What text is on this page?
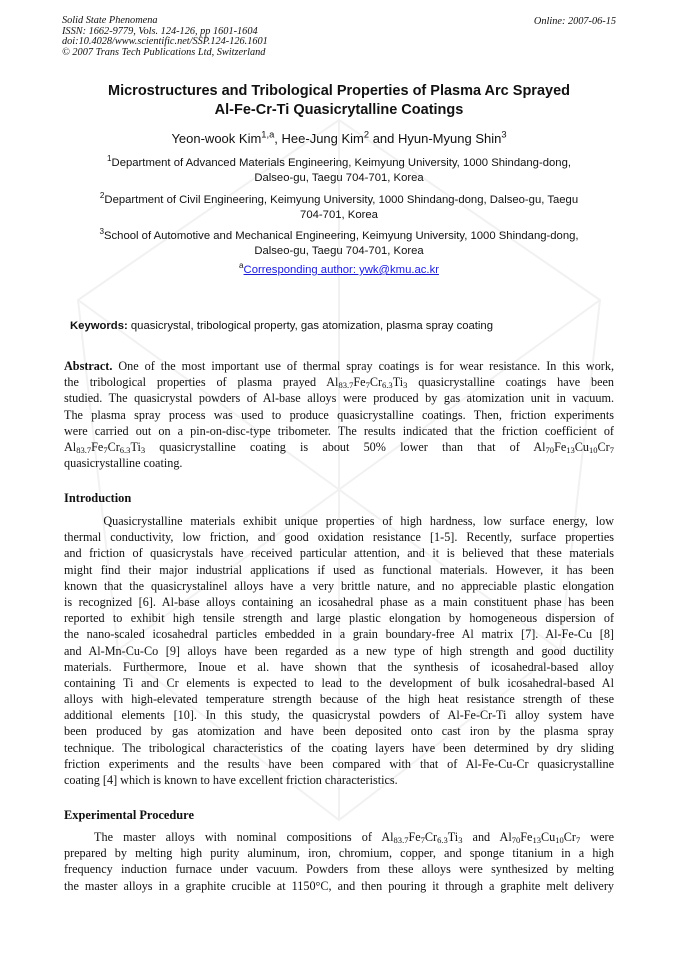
Solid State Phenomena
ISSN: 1662-9779, Vols. 124-126, pp 1601-1604
doi:10.4028/www.scientific.net/SSP.124-126.1601
© 2007 Trans Tech Publications Ltd, Switzerland
Online: 2007-06-15
Microstructures and Tribological Properties of Plasma Arc Sprayed
Al-Fe-Cr-Ti Quasicrytalline Coatings
Yeon-wook Kim$^{1,a}$, Hee-Jung Kim$^2$ and Hyun-Myung Shin$^3$
$^1$Department of Advanced Materials Engineering, Keimyung University, 1000 Shindang-dong,
Dalseo-gu, Taegu 704-701, Korea
$^2$Department of Civil Engineering, Keimyung University, 1000 Shindang-dong, Dalseo-gu, Taegu
704-701, Korea
$^3$School of Automotive and Mechanical Engineering, Keimyung University, 1000 Shindang-dong,
Dalseo-gu, Taegu 704-701, Korea
$^a$Corresponding author: ywk@kmu.ac.kr
Keywords: quasicrystal, tribological property, gas atomization, plasma spray coating
Abstract. One of the most important use of thermal spray coatings is for wear resistance. In this work,
the tribological properties of plasma prayed $Al_{83.7}Fe_7Cr_{6.3}Ti_3$ quasicrystalline coatings have been
studied. The quasicrystal powders of Al-base alloys were produced by gas atomization unit in vacuum.
The plasma spray process was used to produce quasicrystalline coatings. Then, friction experiments
were carried out on a pin-on-disc-type tribometer. The results indicated that the friction coefficient of
$Al_{83.7}Fe_7Cr_{6.3}Ti_3$ quasicrystalline coating is about 50% lower than that of $Al_{70}Fe_{13}Cu_{10}Cr_7$
quasicrystalline coating.
Introduction
Quasicrystalline materials exhibit unique properties of high hardness, low surface energy, low
thermal conductivity, low friction, and good oxidation resistance [1-5]. Recently, surface properties
and friction of quasicrystals have received particular attention, and it is believed that these materials
might find their major industrial applications if used as functional materials. However, it has been
known that the quasicrystalinel alloys have a very brittle nature, and no appreciable plastic elongation
is recognized [6]. Al-base alloys containing an icosahedral phase as a main constituent phase has been
reported to exhibit high tensile strength and large plastic elongation by homogeneous dispersion of
the nano-scaled icosahedral particles embedded in a grain boundary-free Al matrix [7]. Al-Fe-Cu [8]
and Al-Mn-Cu-Co [9] alloys have been regarded as a new type of high strength and good ductility
materials. Furthermore, Inoue et al. have shown that the synthesis of icosahedral-based alloy
containing Ti and Cr elements is expected to lead to the development of bulk icosahedral-based Al
alloys with high-elevated temperature strength because of the high heat resistance strength of these
additional elements [10]. In this study, the quasicrystal powders of Al-Fe-Cr-Ti alloy system have
been produced by gas atomization and have been deposited onto cast iron by the plasma spray
technique. The tribological characteristics of the coating layers have been determined by dry sliding
friction experiments and the results have been compared with that of Al-Fe-Cu-Cr quasicrystalline
coating [4] which is known to have excellent friction characteristics.
Experimental Procedure
The master alloys with nominal compositions of $Al_{83.7}Fe_7Cr_{6.3}Ti_3$ and $Al_{70}Fe_{13}Cu_{10}Cr_7$ were
prepared by melting high purity aluminum, iron, chromium, copper, and sponge titanium in a high
frequency induction furnace under vacuum. Powders from these alloys were synthesized by melting
the master alloys in a graphite crucible at 1150°C, and then pouring it through a graphite melt delivery
